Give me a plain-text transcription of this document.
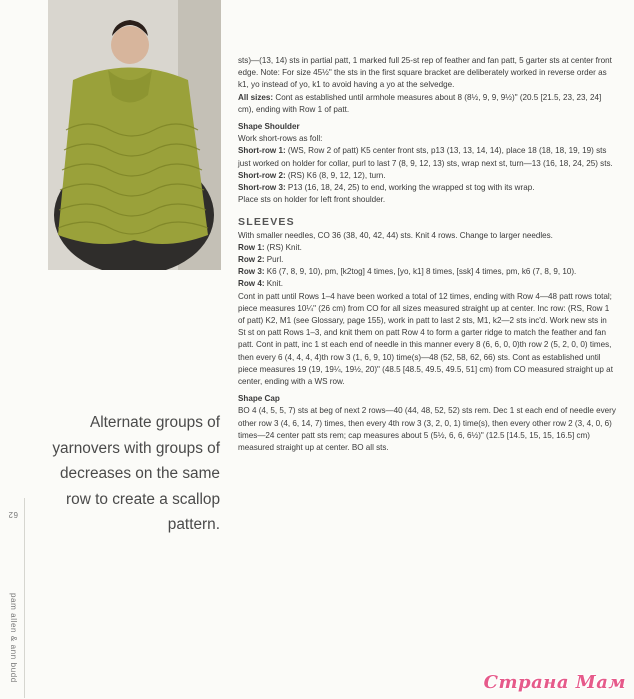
sts)—(13, 14) sts in partial patt, 1 marked full 25-st rep of feather and fan patt, 5 garter sts at center front edge. Note: For size 45½" the sts in the first square bracket are deliberately worked in reverse order as k1, yo instead of yo, k1 to avoid having a yo at the selvedge.

All sizes: Cont as established until armhole measures about 8 (8½, 9, 9, 9½)" (20.5 [21.5, 23, 23, 24] cm), ending with Row 1 of patt.

Shape Shoulder

Work short-rows as foll:

Short-row 1: (WS, Row 2 of patt) K5 center front sts, p13 (13, 13, 14, 14), place 18 (18, 18, 19, 19) sts just worked on holder for collar, purl to last 7 (8, 9, 12, 13) sts, wrap next st, turn—13 (16, 18, 24, 25) sts.

Short-row 2: (RS) K6 (8, 9, 12, 12), turn.

Short-row 3: P13 (16, 18, 24, 25) to end, working the wrapped st tog with its wrap.

Place sts on holder for left front shoulder.

SLEEVES

With smaller needles, CO 36 (38, 40, 42, 44) sts. Knit 4 rows. Change to larger needles.

Row 1: (RS) Knit.

Row 2: Purl.

Row 3: K6 (7, 8, 9, 10), pm, [k2tog] 4 times, [yo, k1] 8 times, [ssk] 4 times, pm, k6 (7, 8, 9, 10).

Row 4: Knit.

Cont in patt until Rows 1–4 have been worked a total of 12 times, ending with Row 4—48 patt rows total; piece measures 10¼" (26 cm) from CO for all sizes measured straight up at center. Inc row: (RS, Row 1 of patt) K2, M1 (see Glossary, page 155), work in patt to last 2 sts, M1, k2—2 sts inc'd. Work new sts in St st on patt Rows 1–3, and knit them on patt Row 4 to form a garter ridge to match the feather and fan patt. Cont in patt, inc 1 st each end of needle in this manner every 8 (6, 6, 0, 0)th row 2 (5, 2, 0, 0) times, then every 6 (4, 4, 4, 4)th row 3 (1, 6, 9, 10) time(s)—48 (52, 58, 62, 66) sts. Cont as established until piece measures 19 (19, 19¼, 19½, 20)" (48.5 [48.5, 49.5, 49.5, 51] cm) from CO measured straight up at center, ending with a WS row.

Shape Cap

BO 4 (4, 5, 5, 7) sts at beg of next 2 rows—40 (44, 48, 52, 52) sts rem. Dec 1 st each end of needle every other row 3 (4, 6, 14, 7) times, then every 4th row 3 (3, 2, 0, 1) time(s), then every other row 2 (3, 4, 0, 6) times—24 center patt sts rem; cap measures about 5 (5½, 6, 6, 6½)" (12.5 [14.5, 15, 15, 16.5] cm) measured straight up at center. BO all sts.

Alternate groups of yarnovers with groups of decreases on the same row to create a scallop pattern.
62
pam allen & ann budd	Страна Мам
